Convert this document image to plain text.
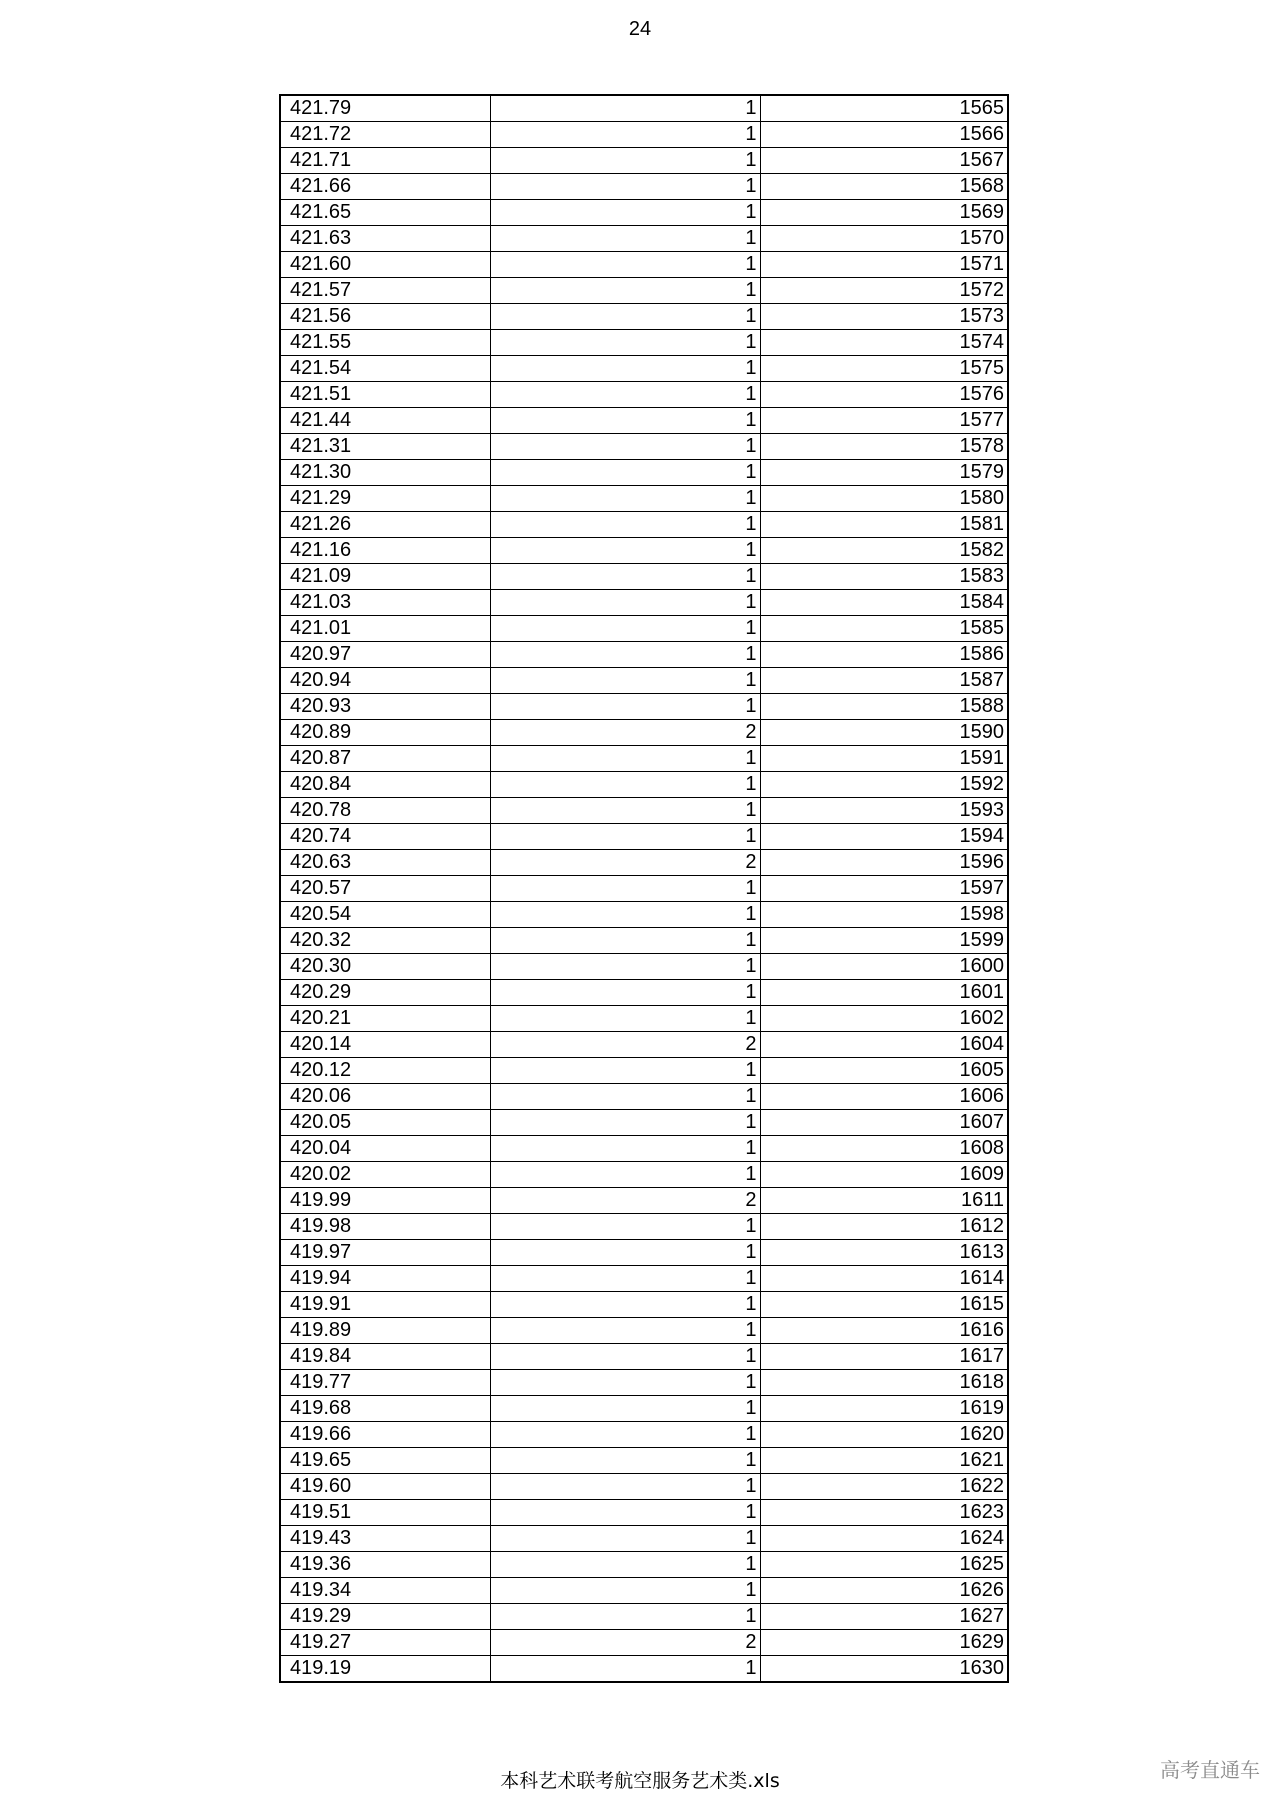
24
421.79	1	1565
421.72	1	1566
421.71	1	1567
421.66	1	1568
421.65	1	1569
421.63	1	1570
421.60	1	1571
421.57	1	1572
421.56	1	1573
421.55	1	1574
421.54	1	1575
421.51	1	1576
421.44	1	1577
421.31	1	1578
421.30	1	1579
421.29	1	1580
421.26	1	1581
421.16	1	1582
421.09	1	1583
421.03	1	1584
421.01	1	1585
420.97	1	1586
420.94	1	1587
420.93	1	1588
420.89	2	1590
420.87	1	1591
420.84	1	1592
420.78	1	1593
420.74	1	1594
420.63	2	1596
420.57	1	1597
420.54	1	1598
420.32	1	1599
420.30	1	1600
420.29	1	1601
420.21	1	1602
420.14	2	1604
420.12	1	1605
420.06	1	1606
420.05	1	1607
420.04	1	1608
420.02	1	1609
419.99	2	1611
419.98	1	1612
419.97	1	1613
419.94	1	1614
419.91	1	1615
419.89	1	1616
419.84	1	1617
419.77	1	1618
419.68	1	1619
419.66	1	1620
419.65	1	1621
419.60	1	1622
419.51	1	1623
419.43	1	1624
419.36	1	1625
419.34	1	1626
419.29	1	1627
419.27	2	1629
419.19	1	1630
本科艺术联考航空服务艺术类.xls	高考直通车
